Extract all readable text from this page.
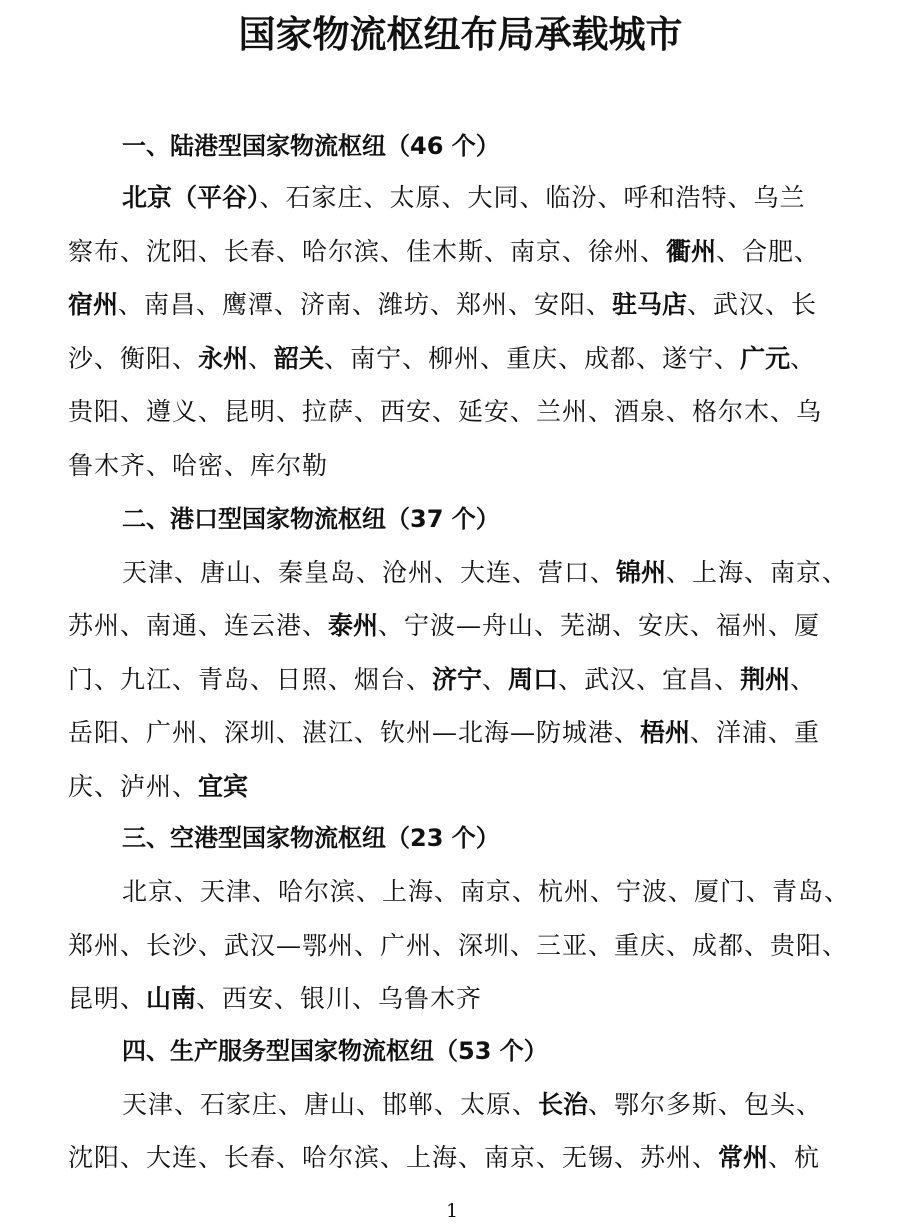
国家物流枢纽布局承载城市
一、陆港型国家物流枢纽（46 个）
北京（平谷）、石家庄、太原、大同、临汾、呼和浩特、乌兰
察布、沈阳、长春、哈尔滨、佳木斯、南京、徐州、衢州、合肥、
宿州、南昌、鹰潭、济南、潍坊、郑州、安阳、驻马店、武汉、长
沙、衡阳、永州、韶关、南宁、柳州、重庆、成都、遂宁、广元、
贵阳、遵义、昆明、拉萨、西安、延安、兰州、酒泉、格尔木、乌
鲁木齐、哈密、库尔勒
二、港口型国家物流枢纽（37 个）
天津、唐山、秦皇岛、沧州、大连、营口、锦州、上海、南京、
苏州、南通、连云港、泰州、宁波—舟山、芜湖、安庆、福州、厦
门、九江、青岛、日照、烟台、济宁、周口、武汉、宜昌、荆州、
岳阳、广州、深圳、湛江、钦州—北海—防城港、梧州、洋浦、重
庆、泸州、宜宾
三、空港型国家物流枢纽（23 个）
北京、天津、哈尔滨、上海、南京、杭州、宁波、厦门、青岛、
郑州、长沙、武汉—鄂州、广州、深圳、三亚、重庆、成都、贵阳、
昆明、山南、西安、银川、乌鲁木齐
四、生产服务型国家物流枢纽（53 个）
天津、石家庄、唐山、邯郸、太原、长治、鄂尔多斯、包头、
沈阳、大连、长春、哈尔滨、上海、南京、无锡、苏州、常州、杭
1
